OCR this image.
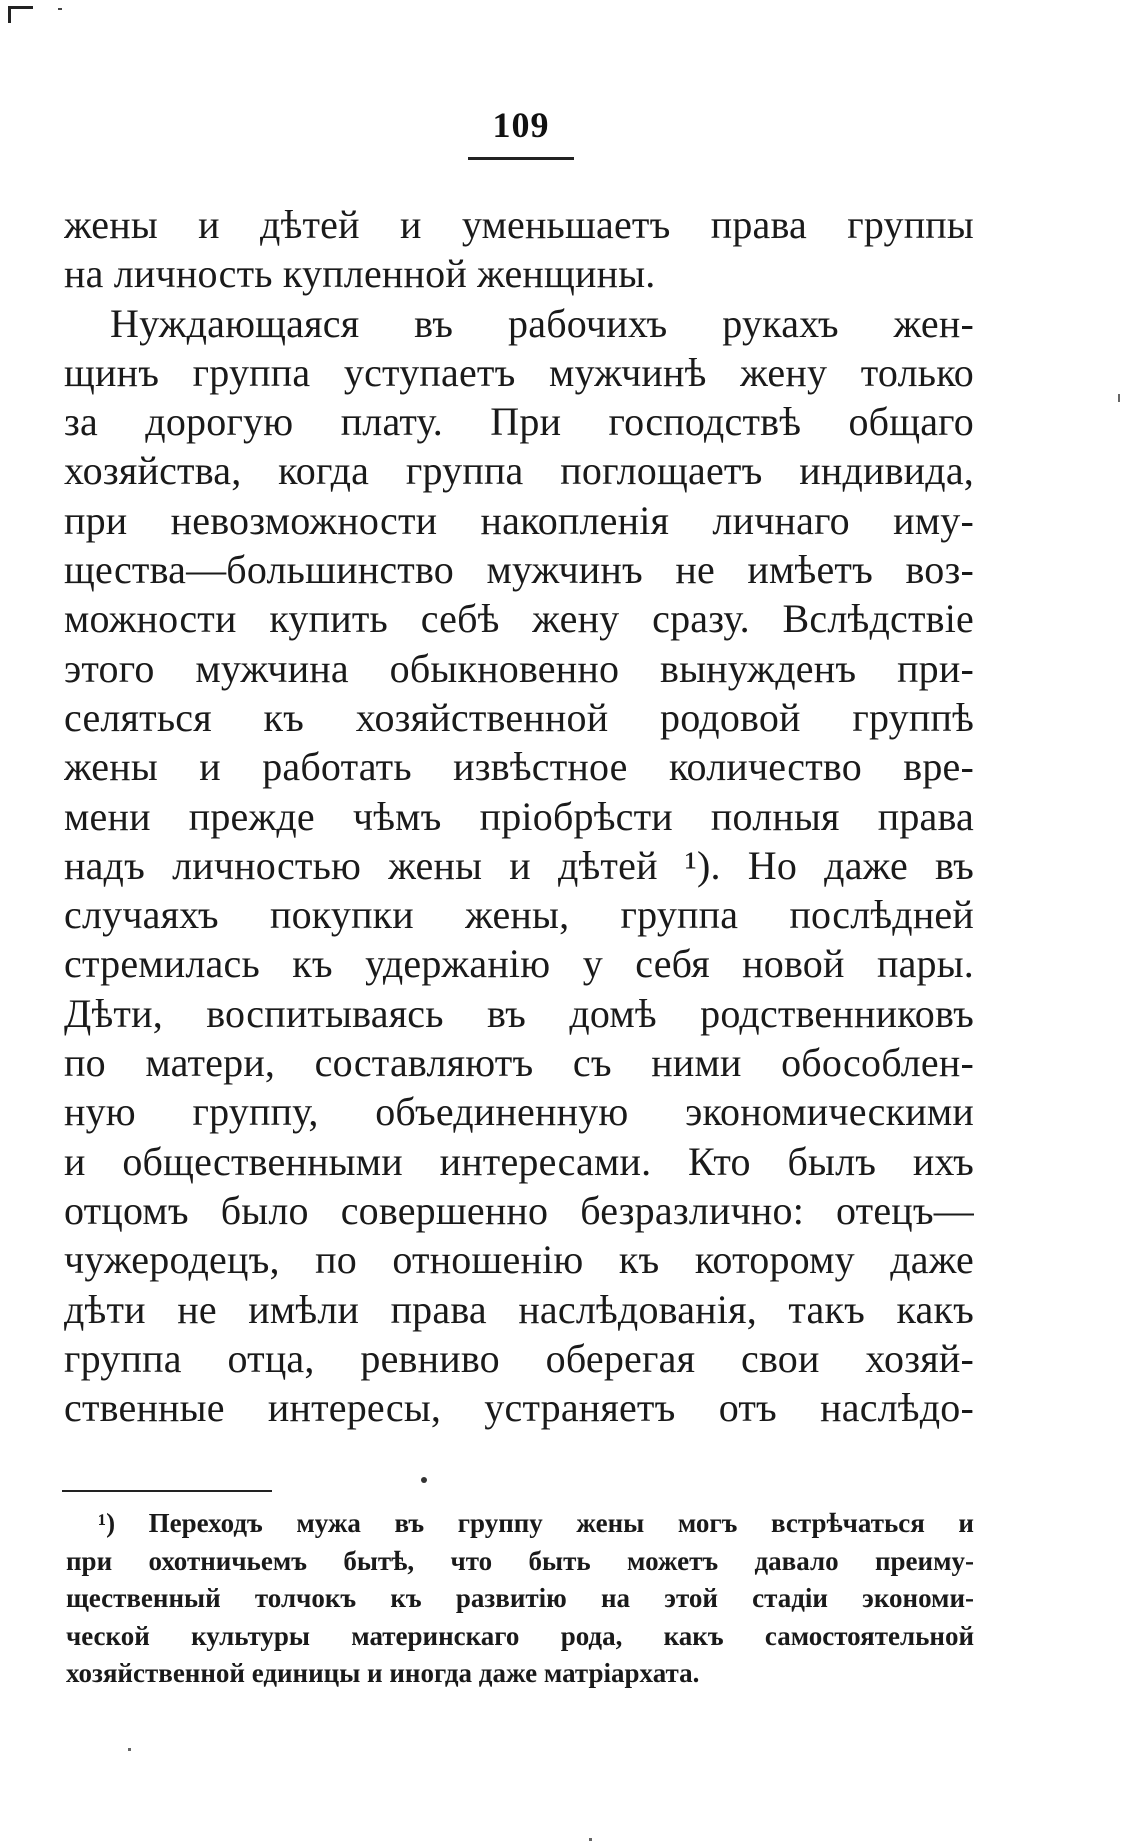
109
жены и дѣтей и уменьшаетъ права группы
на личность купленной женщины.
Нуждающаяся въ рабочихъ рукахъ жен-
щинъ группа уступаетъ мужчинѣ жену только
за дорогую плату. При господствѣ общаго
хозяйства, когда группа поглощаетъ индивида,
при невозможности накопленія личнаго иму-
щества—большинство мужчинъ не имѣетъ воз-
можности купить себѣ жену сразу. Вслѣдствіе
этого мужчина обыкновенно вынужденъ при-
селяться къ хозяйственной родовой группѣ
жены и работать извѣстное количество вре-
мени прежде чѣмъ пріобрѣсти полныя права
надъ личностью жены и дѣтей ¹). Но даже въ
случаяхъ покупки жены, группа послѣдней
стремилась къ удержанію у себя новой пары.
Дѣти, воспитываясь въ домѣ родственниковъ
по матери, составляютъ съ ними обособлен-
ную группу, объединенную экономическими
и общественными интересами. Кто былъ ихъ
отцомъ было совершенно безразлично: отецъ—
чужеродецъ, по отношенію къ которому даже
дѣти не имѣли права наслѣдованія, такъ какъ
группа отца, ревниво оберегая свои хозяй-
ственные интересы, устраняетъ отъ наслѣдо-
¹) Переходъ мужа въ группу жены могъ встрѣчаться и
при охотничьемъ бытѣ, что быть можетъ давало преиму-
щественный толчокъ къ развитію на этой стадіи экономи-
ческой культуры материнскаго рода, какъ самостоятельной
хозяйственной единицы и иногда даже матріархата.
